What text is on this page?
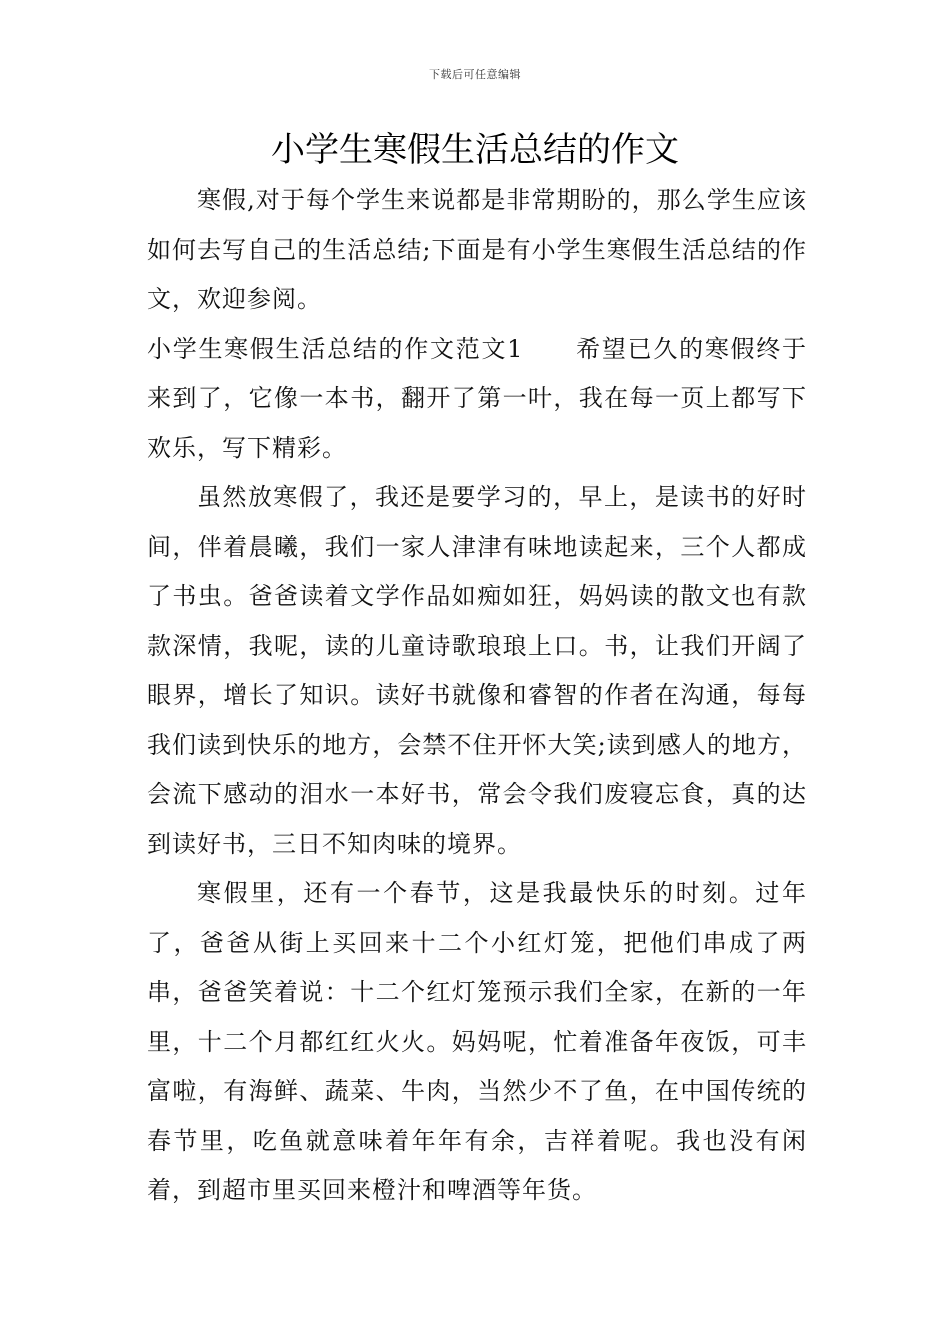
下载后可任意编辑
小学生寒假生活总结的作文

寒假,对于每个学生来说都是非常期盼的，那么学生应该如何去写自己的生活总结;下面是有小学生寒假生活总结的作文，欢迎参阅。

小学生寒假生活总结的作文范文1 希望已久的寒假终于来到了，它像一本书，翻开了第一叶，我在每一页上都写下欢乐，写下精彩。

虽然放寒假了，我还是要学习的，早上，是读书的好时间，伴着晨曦，我们一家人津津有味地读起来，三个人都成了书虫。爸爸读着文学作品如痴如狂，妈妈读的散文也有款款深情，我呢，读的儿童诗歌琅琅上口。书，让我们开阔了眼界，增长了知识。读好书就像和睿智的作者在沟通，每每我们读到快乐的地方，会禁不住开怀大笑;读到感人的地方，会流下感动的泪水一本好书，常会令我们废寝忘食，真的达到读好书，三日不知肉味的境界。

寒假里，还有一个春节，这是我最快乐的时刻。过年了，爸爸从街上买回来十二个小红灯笼，把他们串成了两串，爸爸笑着说：十二个红灯笼预示我们全家，在新的一年里，十二个月都红红火火。妈妈呢，忙着准备年夜饭，可丰富啦，有海鲜、蔬菜、牛肉，当然少不了鱼，在中国传统的春节里，吃鱼就意味着年年有余，吉祥着呢。我也没有闲着，到超市里买回来橙汁和啤酒等年货。
